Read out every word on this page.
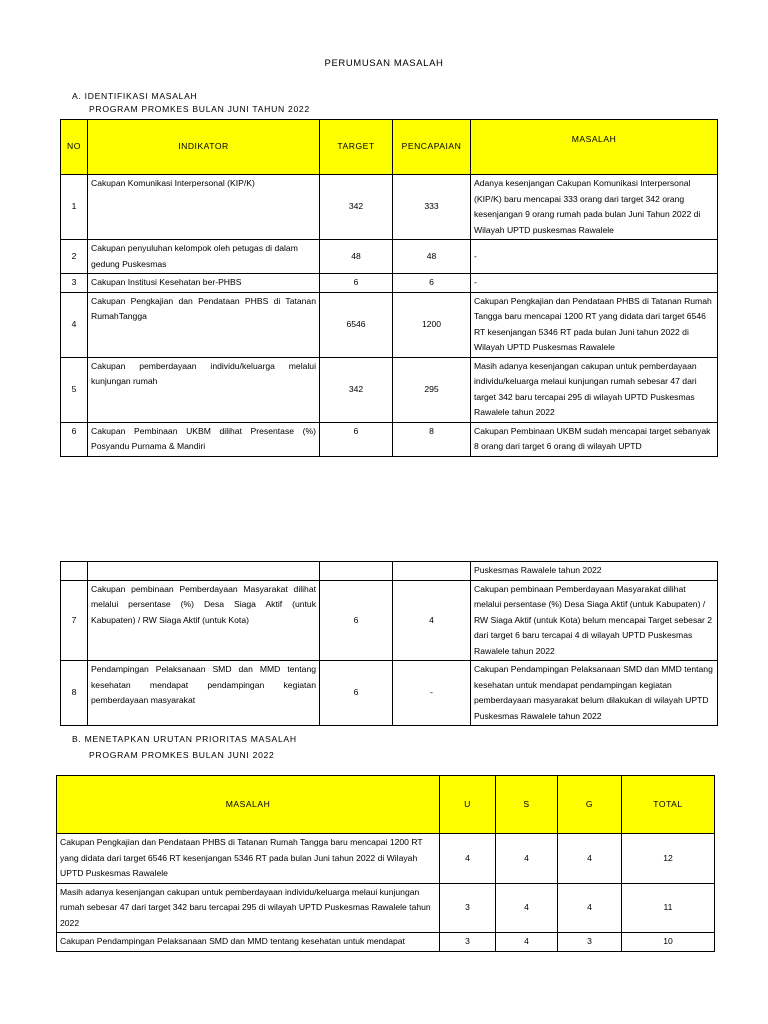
PERUMUSAN MASALAH
A. IDENTIFIKASI MASALAH
PROGRAM PROMKES BULAN JUNI TAHUN 2022
NO	INDIKATOR	TARGET	PENCAPAIAN	MASALAH
1	Cakupan Komunikasi Interpersonal (KIP/K)	342	333	Adanya kesenjangan Cakupan Komunikasi Interpersonal (KIP/K) baru mencapai 333 orang dari target 342 orang kesenjangan 9 orang rumah pada bulan Juni Tahun 2022 di Wilayah UPTD puskesmas Rawalele
2	Cakupan penyuluhan kelompok oleh petugas di dalam gedung Puskesmas	48	48	-
3	Cakupan Institusi Kesehatan ber-PHBS	6	6	-
4	Cakupan Pengkajian dan Pendataan PHBS di Tatanan RumahTangga	6546	1200	Cakupan Pengkajian dan Pendataan PHBS di Tatanan Rumah Tangga baru mencapai 1200 RT yang didata dari target 6546 RT kesenjangan 5346 RT pada bulan Juni tahun 2022 di Wilayah UPTD Puskesmas Rawalele
5	Cakupan pemberdayaan individu/keluarga melalui kunjungan rumah	342	295	Masih adanya kesenjangan cakupan untuk pemberdayaan individu/keluarga melaui kunjungan rumah sebesar 47 dari target 342 baru tercapai 295 di wilayah UPTD Puskesmas Rawalele tahun 2022
6	Cakupan Pembinaan UKBM dilihat Presentase (%) Posyandu Purnama & Mandiri	6	8	Cakupan Pembinaan UKBM sudah mencapai target sebanyak 8 orang dari target 6 orang di wilayah UPTD
				Puskesmas Rawalele tahun 2022
7	Cakupan pembinaan Pemberdayaan Masyarakat dilihat melalui persentase (%) Desa Siaga Aktif (untuk Kabupaten) / RW Siaga Aktif (untuk Kota)	6	4	Cakupan pembinaan Pemberdayaan Masyarakat dilihat melalui persentase (%) Desa Siaga Aktif (untuk Kabupaten) / RW Siaga Aktif (untuk Kota) belum mencapai Target sebesar 2 dari target 6 baru tercapai 4 di wilayah UPTD Puskesmas Rawalele tahun 2022
8	Pendampingan Pelaksanaan SMD dan MMD tentang kesehatan mendapat pendampingan kegiatan pemberdayaan masyarakat	6	-	Cakupan Pendampingan Pelaksanaan SMD dan MMD tentang kesehatan untuk mendapat pendampingan kegiatan pemberdayaan masyarakat belum dilakukan di wilayah UPTD Puskesmas Rawalele tahun 2022
B. MENETAPKAN URUTAN PRIORITAS MASALAH
PROGRAM PROMKES BULAN JUNI 2022
MASALAH	U	S	G	TOTAL
Cakupan Pengkajian dan Pendataan PHBS di Tatanan Rumah Tangga baru mencapai 1200 RT yang didata dari target 6546 RT kesenjangan 5346 RT pada bulan Juni tahun 2022 di Wilayah UPTD Puskesmas Rawalele	4	4	4	12
Masih adanya kesenjangan cakupan untuk pemberdayaan individu/keluarga melaui kunjungan rumah sebesar 47 dari target 342 baru tercapai 295 di wilayah UPTD Puskesmas Rawalele tahun 2022	3	4	4	11
Cakupan Pendampingan Pelaksanaan SMD dan MMD tentang kesehatan untuk mendapat	3	4	3	10
